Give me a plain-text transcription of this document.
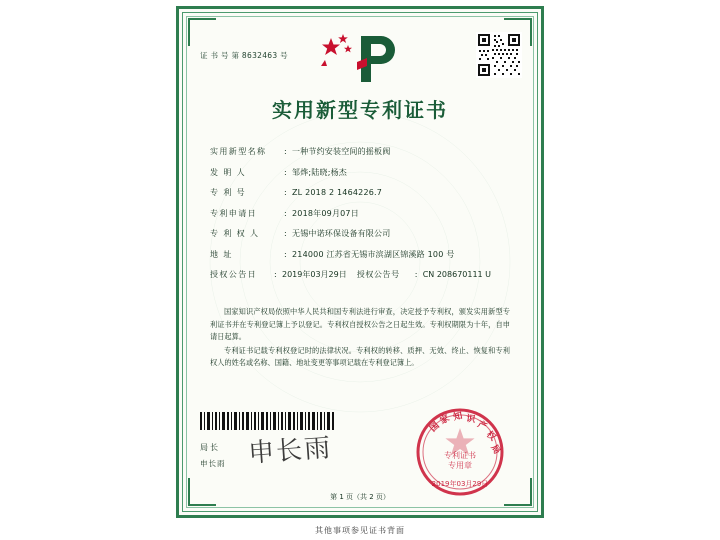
证 书 号 第 8632463 号
实用新型专利证书
实用新型名称	: 一种节约安装空间的摇板阀
发 明 人	: 邹烨;陆晓;杨杰
专 利 号	: ZL 2018 2 1464226.7
专利申请日	: 2018年09月07日
专 利 权 人	: 无锡中诺环保设备有限公司
地 址	: 214000 江苏省无锡市滨湖区锦溪路 100 号
授权公告日	: 2019年03月29日 授权公告号	: CN 208670111 U

国家知识产权局依照中华人民共和国专利法进行审查，决定授予专利权，颁发实用新型专利证书并在专利登记簿上予以登记。专利权自授权公告之日起生效。专利权期限为十年，自申请日起算。

专利证书记载专利权登记时的法律状况。专利权的转移、质押、无效、终止、恢复和专利权人的姓名或名称、国籍、地址变更等事项记载在专利登记簿上。

局长
申长雨 申长雨
国
家 知 识
产
权
局
专利证书
专用章
2019年03月29日
第 1 页（共 2 页）
其他事项参见证书背面
